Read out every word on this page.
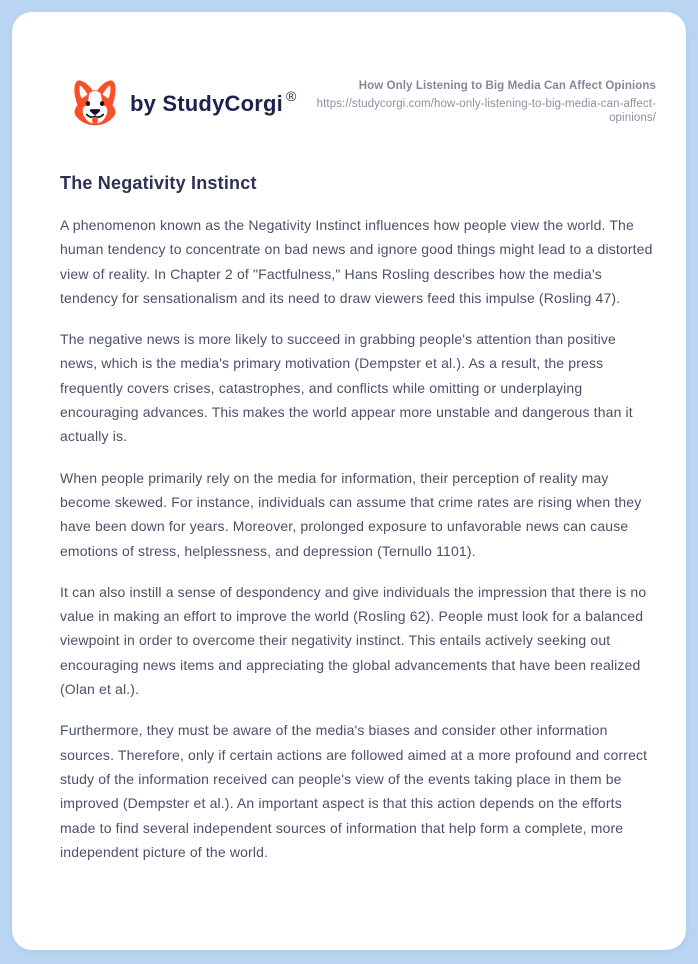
by StudyCorgi ®
How Only Listening to Big Media Can Affect Opinions
https://studycorgi.com/how-only-listening-to-big-media-can-affect-opinions/
The Negativity Instinct

A phenomenon known as the Negativity Instinct influences how people view the world. The human tendency to concentrate on bad news and ignore good things might lead to a distorted view of reality. In Chapter 2 of "Factfulness," Hans Rosling describes how the media's tendency for sensationalism and its need to draw viewers feed this impulse (Rosling 47).

The negative news is more likely to succeed in grabbing people's attention than positive news, which is the media's primary motivation (Dempster et al.). As a result, the press frequently covers crises, catastrophes, and conflicts while omitting or underplaying encouraging advances. This makes the world appear more unstable and dangerous than it actually is.

When people primarily rely on the media for information, their perception of reality may become skewed. For instance, individuals can assume that crime rates are rising when they have been down for years. Moreover, prolonged exposure to unfavorable news can cause emotions of stress, helplessness, and depression (Ternullo 1101).

It can also instill a sense of despondency and give individuals the impression that there is no value in making an effort to improve the world (Rosling 62). People must look for a balanced viewpoint in order to overcome their negativity instinct. This entails actively seeking out encouraging news items and appreciating the global advancements that have been realized (Olan et al.).

Furthermore, they must be aware of the media's biases and consider other information sources. Therefore, only if certain actions are followed aimed at a more profound and correct study of the information received can people's view of the events taking place in them be improved (Dempster et al.). An important aspect is that this action depends on the efforts made to find several independent sources of information that help form a complete, more independent picture of the world.
